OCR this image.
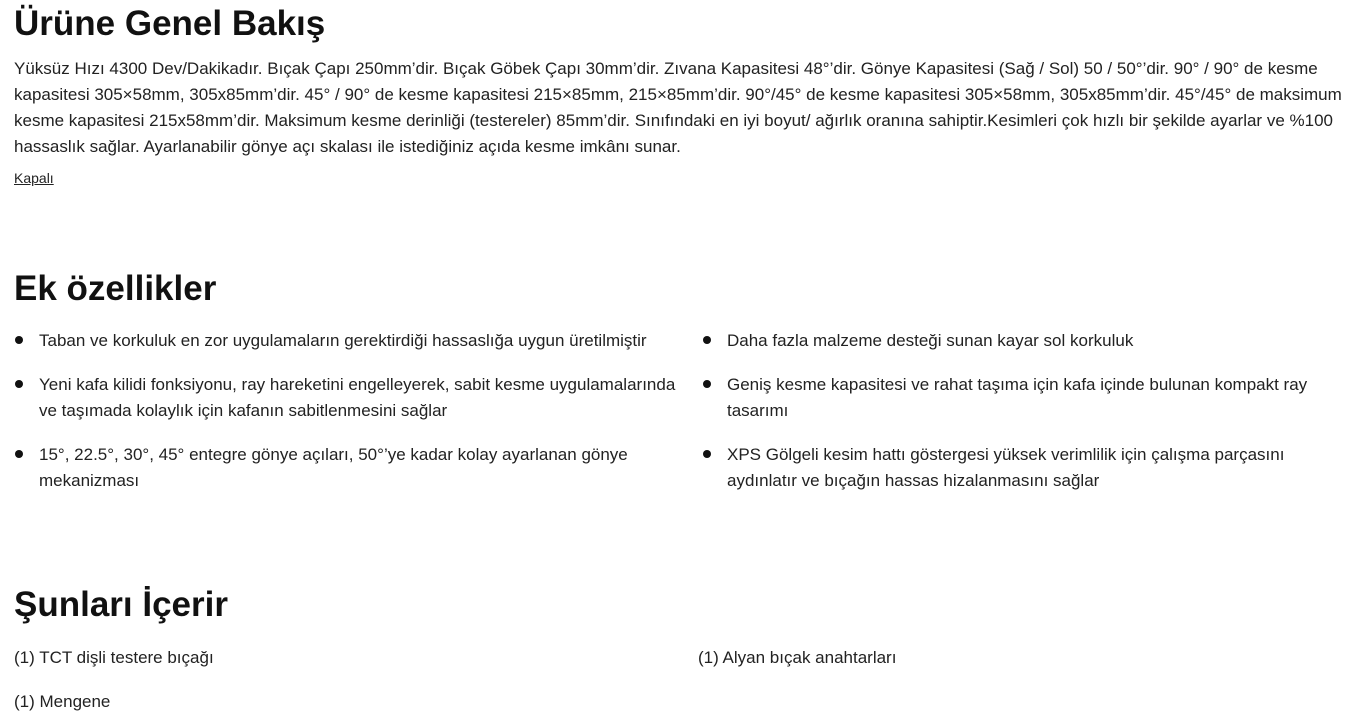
Ürüne Genel Bakış

Yüksüz Hızı 4300 Dev/Dakikadır. Bıçak Çapı 250mm’dir. Bıçak Göbek Çapı 30mm’dir. Zıvana Kapasitesi 48°’dir. Gönye Kapasitesi (Sağ / Sol) 50 / 50°’dir. 90° / 90° de kesme kapasitesi 305×58mm, 305x85mm’dir. 45° / 90° de kesme kapasitesi 215×85mm, 215×85mm’dir. 90°/45° de kesme kapasitesi 305×58mm, 305x85mm’dir. 45°/45° de maksimum kesme kapasitesi 215x58mm’dir. Maksimum kesme derinliği (testereler) 85mm’dir. Sınıfındaki en iyi boyut/ ağırlık oranına sahiptir.Kesimleri çok hızlı bir şekilde ayarlar ve %100 hassaslık sağlar. Ayarlanabilir gönye açı skalası ile istediğiniz açıda kesme imkânı sunar.

Kapalı
Ek özellikler
Taban ve korkuluk en zor uygulamaların gerektirdiği hassaslığa uygun üretilmiştir
Yeni kafa kilidi fonksiyonu, ray hareketini engelleyerek, sabit kesme uygulamalarında ve taşımada kolaylık için kafanın sabitlenmesini sağlar
15°, 22.5°, 30°, 45° entegre gönye açıları, 50°’ye kadar kolay ayarlanan gönye mekanizması
Daha fazla malzeme desteği sunan kayar sol korkuluk
Geniş kesme kapasitesi ve rahat taşıma için kafa içinde bulunan kompakt ray tasarımı
XPS Gölgeli kesim hattı göstergesi yüksek verimlilik için çalışma parçasını aydınlatır ve bıçağın hassas hizalanmasını sağlar
Şunları İçerir
(1) TCT dişli testere bıçağı	(1) Alyan bıçak anahtarları
(1) Mengene
